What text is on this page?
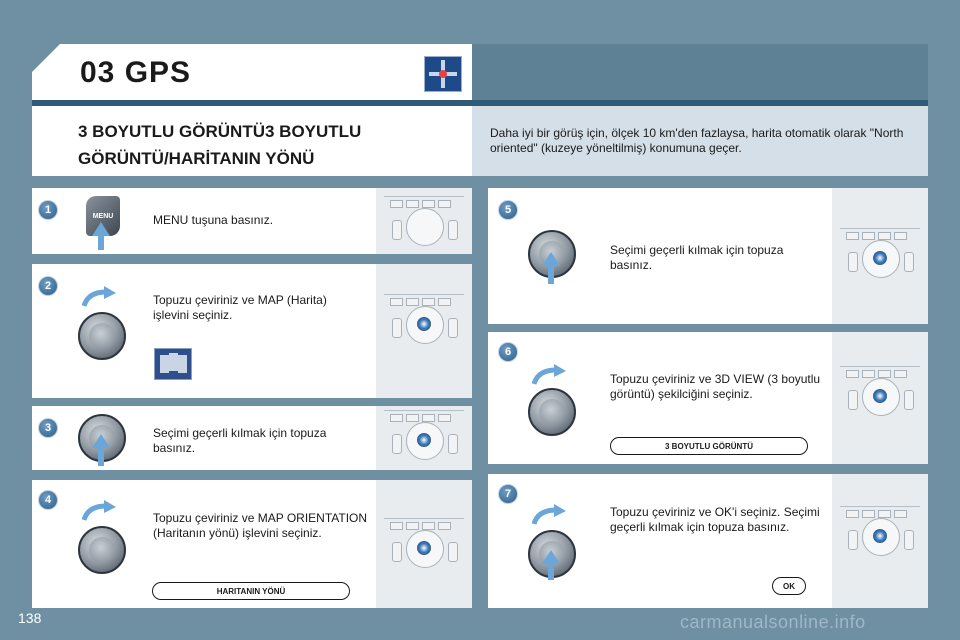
03 GPS
3 BOYUTLU GÖRÜNTÜ3 BOYUTLU GÖRÜNTÜ/HARİTANIN YÖNÜ
Daha iyi bir görüş için, ölçek 10 km'den fazlaysa, harita otomatik olarak "North oriented" (kuzeye yöneltilmiş) konumuna geçer.
1	MENU	MENU tuşuna basınız.
2
Topuzu çeviriniz ve MAP (Harita) işlevini seçiniz.
3	Seçimi geçerli kılmak için topuza basınız.
4
Topuzu çeviriniz ve MAP ORIENTATION (Haritanın yönü) işlevini seçiniz.
HARITANIN YÖNÜ
5
Seçimi geçerli kılmak için topuza basınız.
6
Topuzu çeviriniz ve 3D VIEW (3 boyutlu görüntü) şekilciğini seçiniz.
3 BOYUTLU GÖRÜNTÜ
7
Topuzu çeviriniz ve OK'i seçiniz. Seçimi geçerli kılmak için topuza basınız.
OK
138	carmanualsonline.info
